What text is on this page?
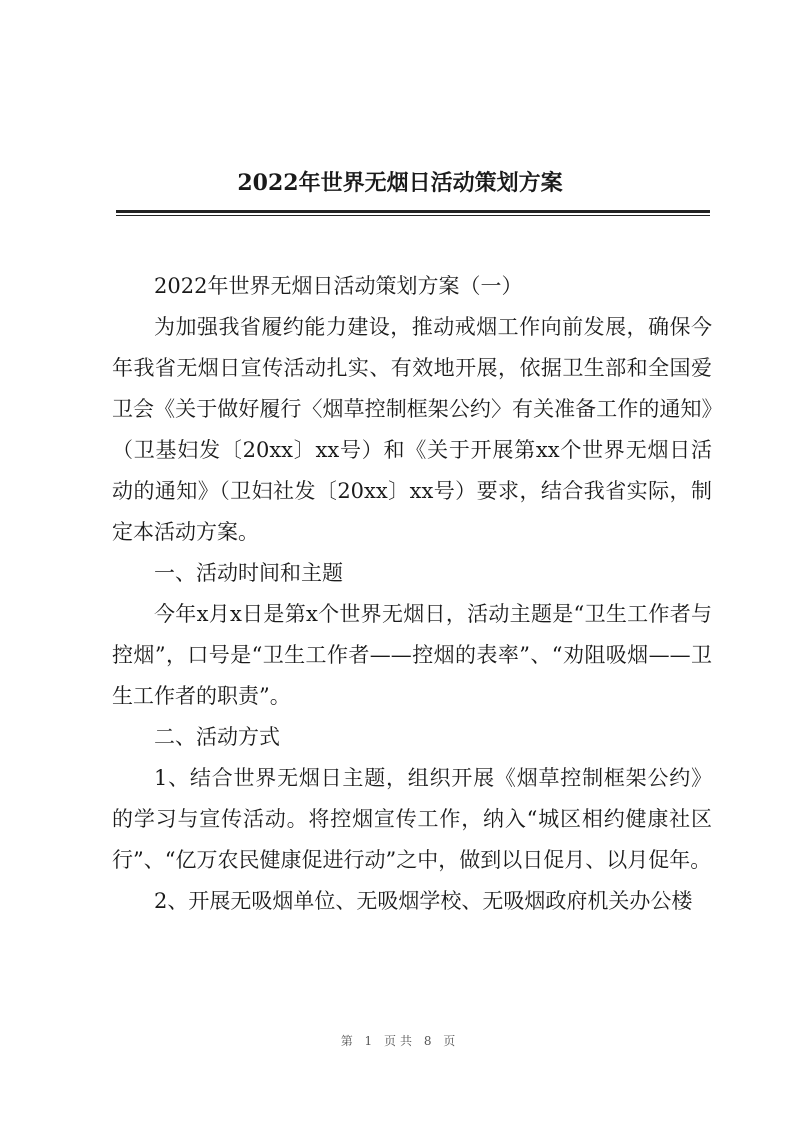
2022年世界无烟日活动策划方案

2022年世界无烟日活动策划方案（一）

为加强我省履约能力建设，推动戒烟工作向前发展，确保今年我省无烟日宣传活动扎实、有效地开展，依据卫生部和全国爱卫会《关于做好履行〈烟草控制框架公约〉有关准备工作的通知》（卫基妇发〔20xx〕xx号）和《关于开展第xx个世界无烟日活动的通知》（卫妇社发〔20xx〕xx号）要求，结合我省实际，制定本活动方案。

一、活动时间和主题

今年x月x日是第x个世界无烟日，活动主题是“卫生工作者与控烟”，口号是“卫生工作者——控烟的表率”、“劝阻吸烟——卫生工作者的职责”。

二、活动方式

1、结合世界无烟日主题，组织开展《烟草控制框架公约》的学习与宣传活动。将控烟宣传工作，纳入“城区相约健康社区行”、“亿万农民健康促进行动”之中，做到以日促月、以月促年。

2、开展无吸烟单位、无吸烟学校、无吸烟政府机关办公楼

第 1 页共 8 页
